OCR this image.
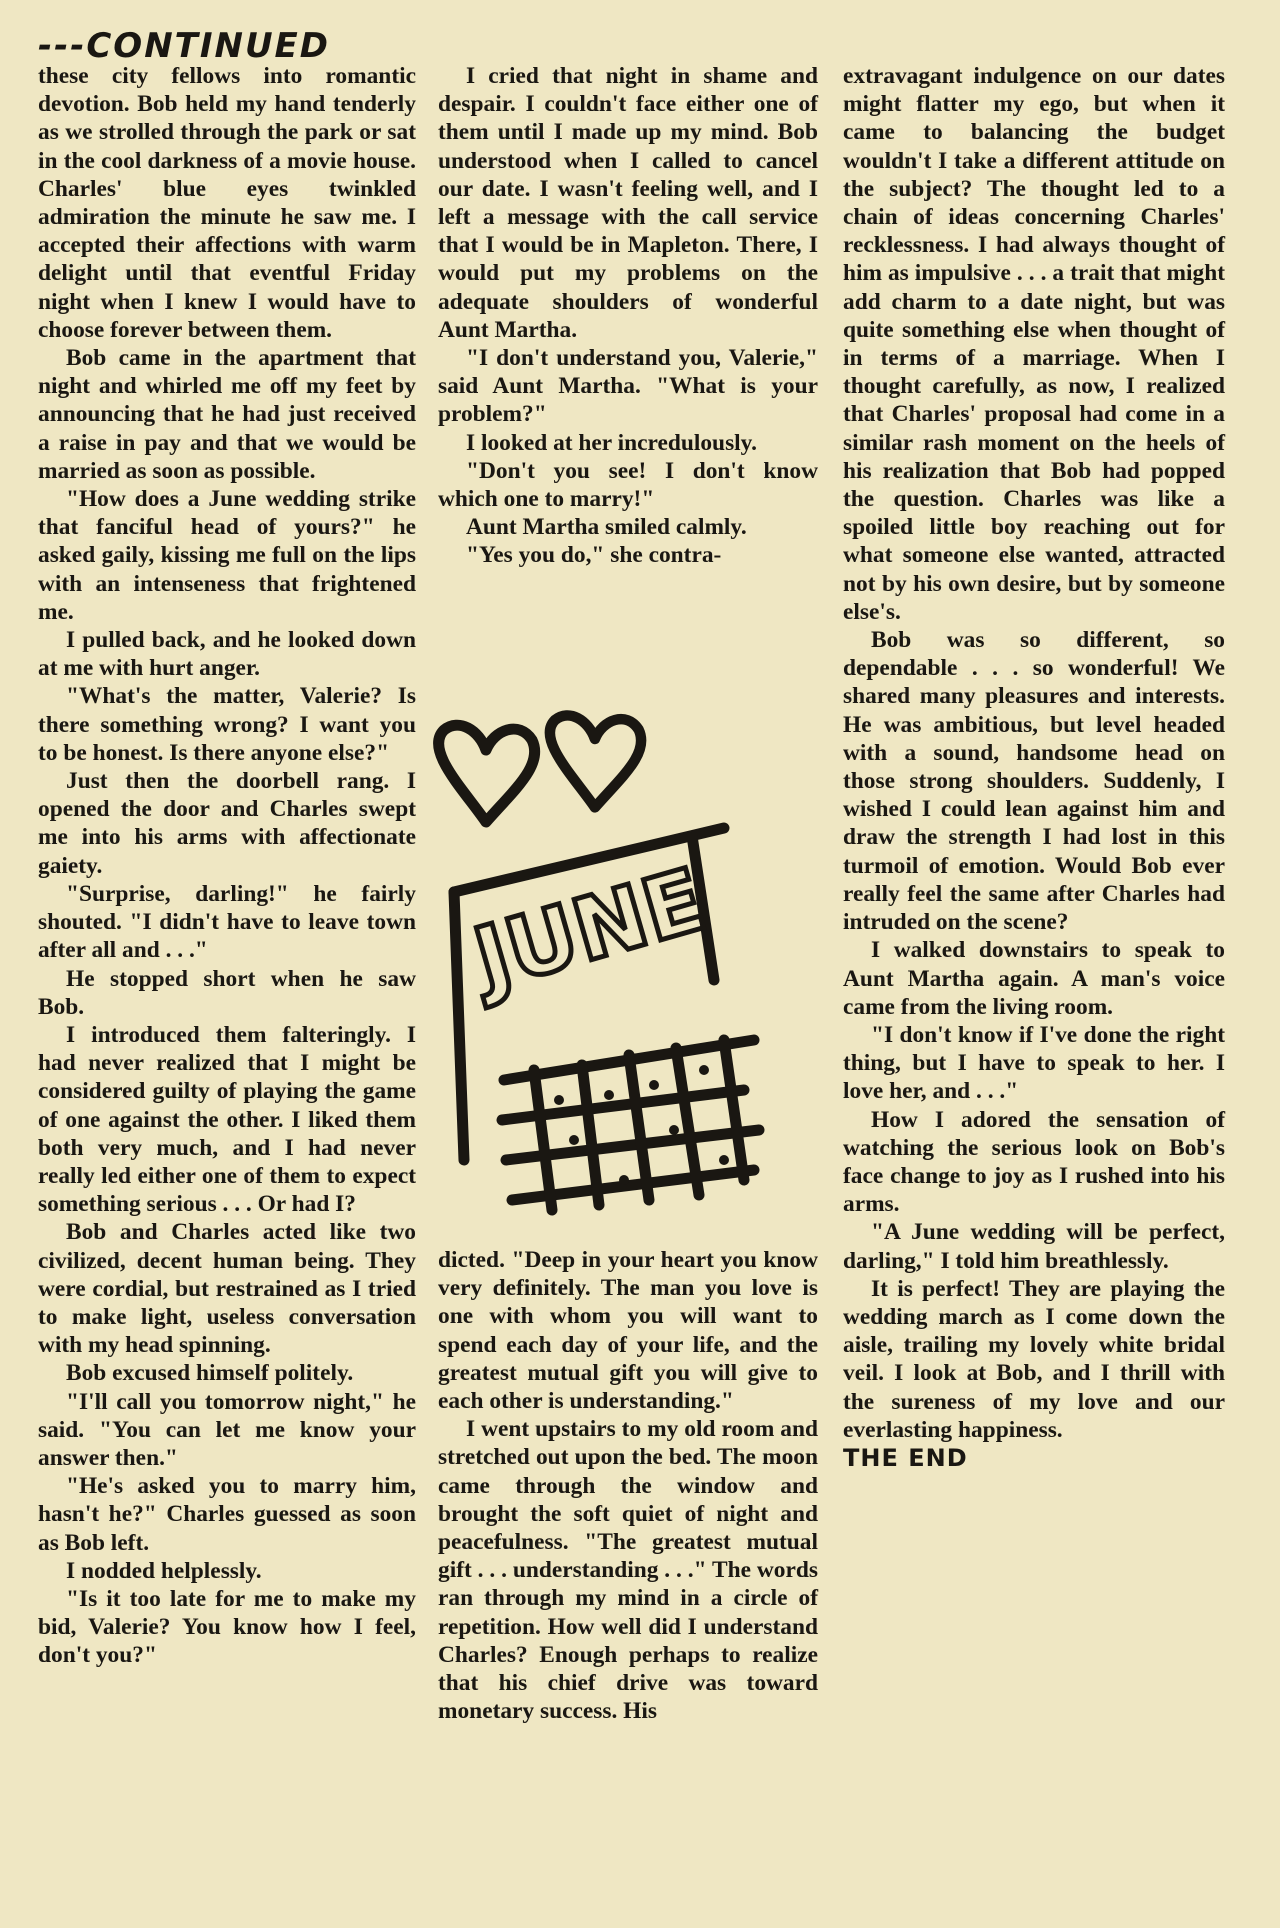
---CONTINUED

these city fellows into romantic devotion. Bob held my hand tenderly as we strolled through the park or sat in the cool darkness of a movie house. Charles' blue eyes twinkled admiration the minute he saw me. I accepted their affections with warm delight until that eventful Friday night when I knew I would have to choose forever between them.

Bob came in the apartment that night and whirled me off my feet by announcing that he had just received a raise in pay and that we would be married as soon as possible.

"How does a June wedding strike that fanciful head of yours?" he asked gaily, kissing me full on the lips with an intenseness that frightened me.

I pulled back, and he looked down at me with hurt anger.

"What's the matter, Valerie? Is there something wrong? I want you to be honest. Is there anyone else?"

Just then the doorbell rang. I opened the door and Charles swept me into his arms with affectionate gaiety.

"Surprise, darling!" he fairly shouted. "I didn't have to leave town after all and . . ."

He stopped short when he saw Bob.

I introduced them falteringly. I had never realized that I might be considered guilty of playing the game of one against the other. I liked them both very much, and I had never really led either one of them to expect something serious . . . Or had I?

Bob and Charles acted like two civilized, decent human being. They were cordial, but restrained as I tried to make light, useless conversation with my head spinning.

Bob excused himself politely.

"I'll call you tomorrow night," he said. "You can let me know your answer then."

"He's asked you to marry him, hasn't he?" Charles guessed as soon as Bob left.

I nodded helplessly.

"Is it too late for me to make my bid, Valerie? You know how I feel, don't you?"

I cried that night in shame and despair. I couldn't face either one of them until I made up my mind. Bob understood when I called to cancel our date. I wasn't feeling well, and I left a message with the call service that I would be in Mapleton. There, I would put my problems on the adequate shoulders of wonderful Aunt Martha.

"I don't understand you, Valerie," said Aunt Martha. "What is your problem?"

I looked at her incredulously.

"Don't you see! I don't know which one to marry!"

Aunt Martha smiled calmly.

"Yes you do," she contra-

JUNE

dicted. "Deep in your heart you know very definitely. The man you love is one with whom you will want to spend each day of your life, and the greatest mutual gift you will give to each other is understanding."

I went upstairs to my old room and stretched out upon the bed. The moon came through the window and brought the soft quiet of night and peacefulness. "The greatest mutual gift . . . understanding . . ." The words ran through my mind in a circle of repetition. How well did I understand Charles? Enough perhaps to realize that his chief drive was toward monetary success. His

extravagant indulgence on our dates might flatter my ego, but when it came to balancing the budget wouldn't I take a different attitude on the subject? The thought led to a chain of ideas concerning Charles' recklessness. I had always thought of him as impulsive . . . a trait that might add charm to a date night, but was quite something else when thought of in terms of a marriage. When I thought carefully, as now, I realized that Charles' proposal had come in a similar rash moment on the heels of his realization that Bob had popped the question. Charles was like a spoiled little boy reaching out for what someone else wanted, attracted not by his own desire, but by someone else's.

Bob was so different, so dependable . . . so wonderful! We shared many pleasures and interests. He was ambitious, but level headed with a sound, handsome head on those strong shoulders. Suddenly, I wished I could lean against him and draw the strength I had lost in this turmoil of emotion. Would Bob ever really feel the same after Charles had intruded on the scene?

I walked downstairs to speak to Aunt Martha again. A man's voice came from the living room.

"I don't know if I've done the right thing, but I have to speak to her. I love her, and . . ."

How I adored the sensation of watching the serious look on Bob's face change to joy as I rushed into his arms.

"A June wedding will be perfect, darling," I told him breathlessly.

It is perfect! They are playing the wedding march as I come down the aisle, trailing my lovely white bridal veil. I look at Bob, and I thrill with the sureness of my love and our everlasting happiness.

THE END
